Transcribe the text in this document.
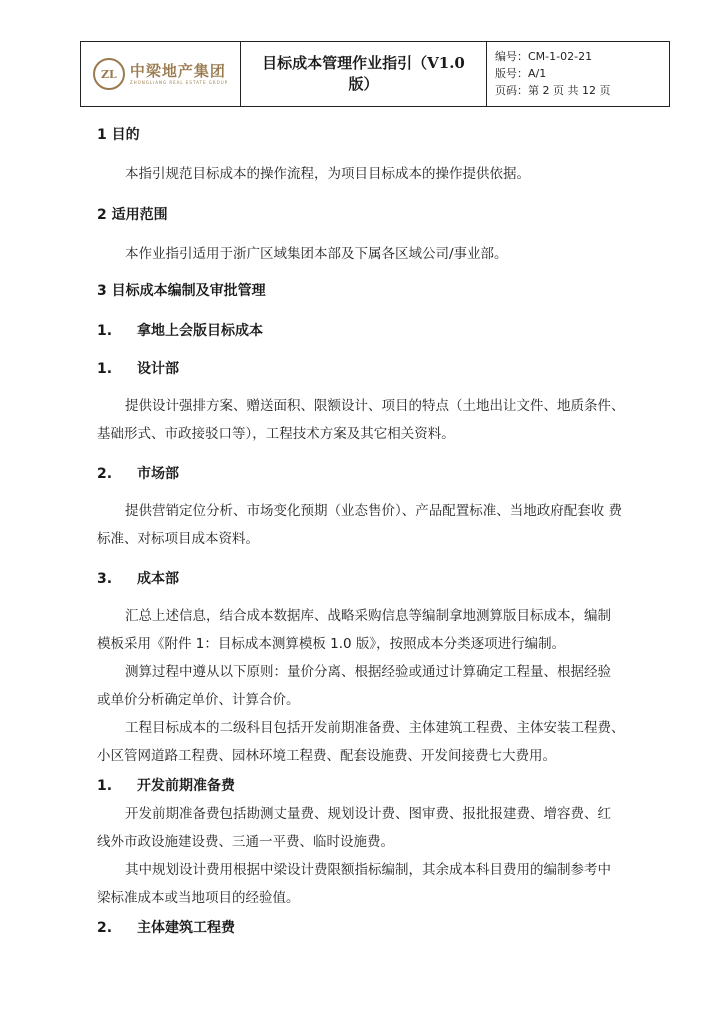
ZL 中梁地产集团
ZHONGLIANG REAL ESTATE GROUP
目标成本管理作业指引（V1.0
版）
编号：CM-1-02-21
版号：A/1
页码：第 2 页 共 12 页
1 目的
本指引规范目标成本的操作流程，为项目目标成本的操作提供依据。
2 适用范围
本作业指引适用于浙广区域集团本部及下属各区域公司/事业部。
3 目标成本编制及审批管理
1. 拿地上会版目标成本
1. 设计部
提供设计强排方案、赠送面积、限额设计、项目的特点（土地出让文件、地质条件、
基础形式、市政接驳口等），工程技术方案及其它相关资料。
2. 市场部
提供营销定位分析、市场变化预期（业态售价）、产品配置标准、当地政府配套收 费
标准、对标项目成本资料。
3. 成本部
汇总上述信息，结合成本数据库、战略采购信息等编制拿地测算版目标成本，编制
模板采用《附件 1：目标成本测算模板 1.0 版》，按照成本分类逐项进行编制。
测算过程中遵从以下原则：量价分离、根据经验或通过计算确定工程量、根据经验
或单价分析确定单价、计算合价。
工程目标成本的二级科目包括开发前期准备费、主体建筑工程费、主体安装工程费、
小区管网道路工程费、园林环境工程费、配套设施费、开发间接费七大费用。
1. 开发前期准备费
开发前期准备费包括勘测丈量费、规划设计费、图审费、报批报建费、增容费、红
线外市政设施建设费、三通一平费、临时设施费。
其中规划设计费用根据中梁设计费限额指标编制，其余成本科目费用的编制参考中
梁标准成本或当地项目的经验值。
2. 主体建筑工程费
